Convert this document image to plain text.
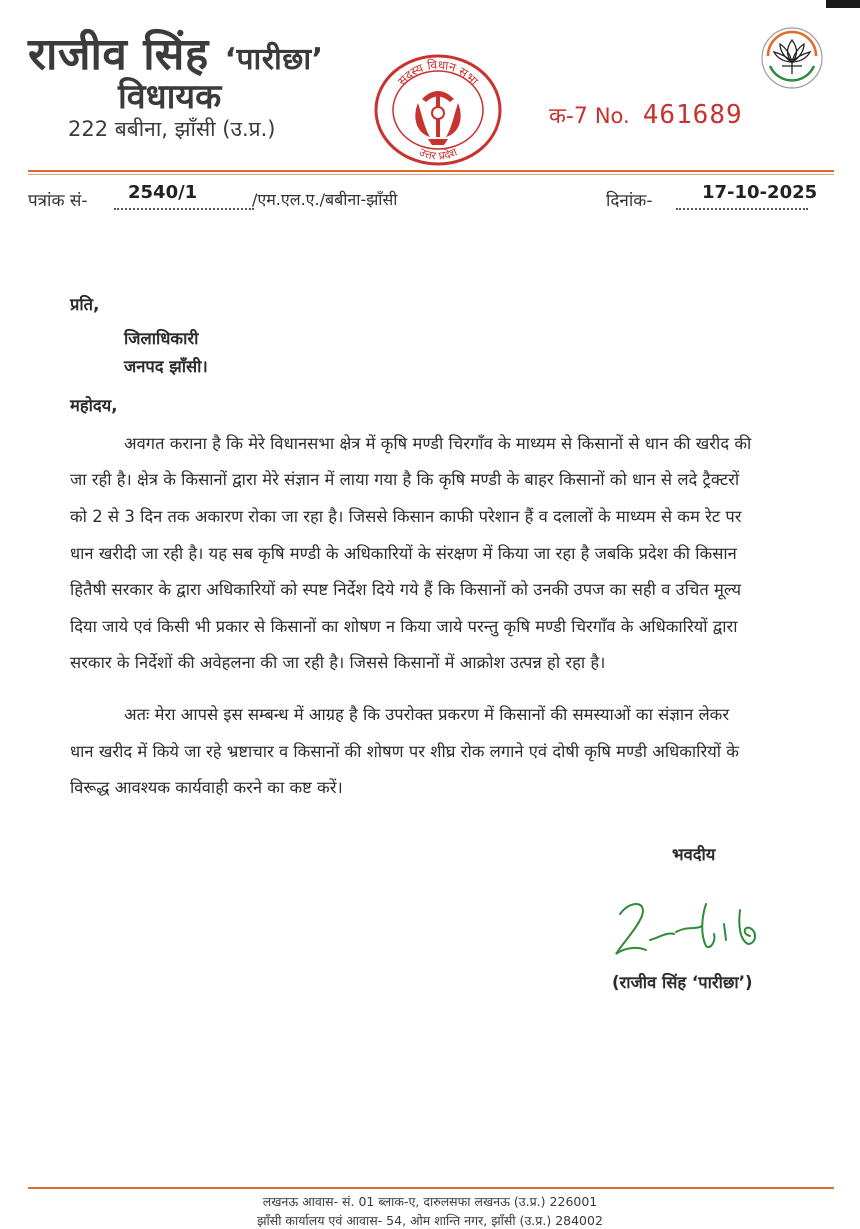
राजीव सिंह ‘पारीछा’
विधायक
222 बबीना, झाँसी (उ.प्र.)
सदस्य विधान सभा
उत्तर प्रदेश
क-7 No. 461689
पत्रांक सं- 2540/1	/एम.एल.ए./बबीना-झाँसी	दिनांक-	17-10-2025
प्रति,
जिलाधिकारी
जनपद झाँसी।
महोदय,
अवगत कराना है कि मेरे विधानसभा क्षेत्र में कृषि मण्डी चिरगाँव के माध्यम से किसानों से धान की खरीद की
जा रही है। क्षेत्र के किसानों द्वारा मेरे संज्ञान में लाया गया है कि कृषि मण्डी के बाहर किसानों को धान से लदे ट्रैक्टरों
को 2 से 3 दिन तक अकारण रोका जा रहा है। जिससे किसान काफी परेशान हैं व दलालों के माध्यम से कम रेट पर
धान खरीदी जा रही है। यह सब कृषि मण्डी के अधिकारियों के संरक्षण में किया जा रहा है जबकि प्रदेश की किसान
हितैषी सरकार के द्वारा अधिकारियों को स्पष्ट निर्देश दिये गये हैं कि किसानों को उनकी उपज का सही व उचित मूल्य
दिया जाये एवं किसी भी प्रकार से किसानों का शोषण न किया जाये परन्तु कृषि मण्डी चिरगाँव के अधिकारियों द्वारा
सरकार के निर्देशों की अवेहलना की जा रही है। जिससे किसानों में आक्रोश उत्पन्न हो रहा है।
अतः मेरा आपसे इस सम्बन्ध में आग्रह है कि उपरोक्त प्रकरण में किसानों की समस्याओं का संज्ञान लेकर
धान खरीद में किये जा रहे भ्रष्टाचार व किसानों की शोषण पर शीघ्र रोक लगाने एवं दोषी कृषि मण्डी अधिकारियों के
विरूद्ध आवश्यक कार्यवाही करने का कष्ट करें।
भवदीय
(राजीव सिंह ‘पारीछा’)
लखनऊ आवास- सं. 01 ब्लाक-ए, दारुलसफा लखनऊ (उ.प्र.) 226001
झाँसी कार्यालय एवं आवास- 54, ओम शान्ति नगर, झाँसी (उ.प्र.) 284002
